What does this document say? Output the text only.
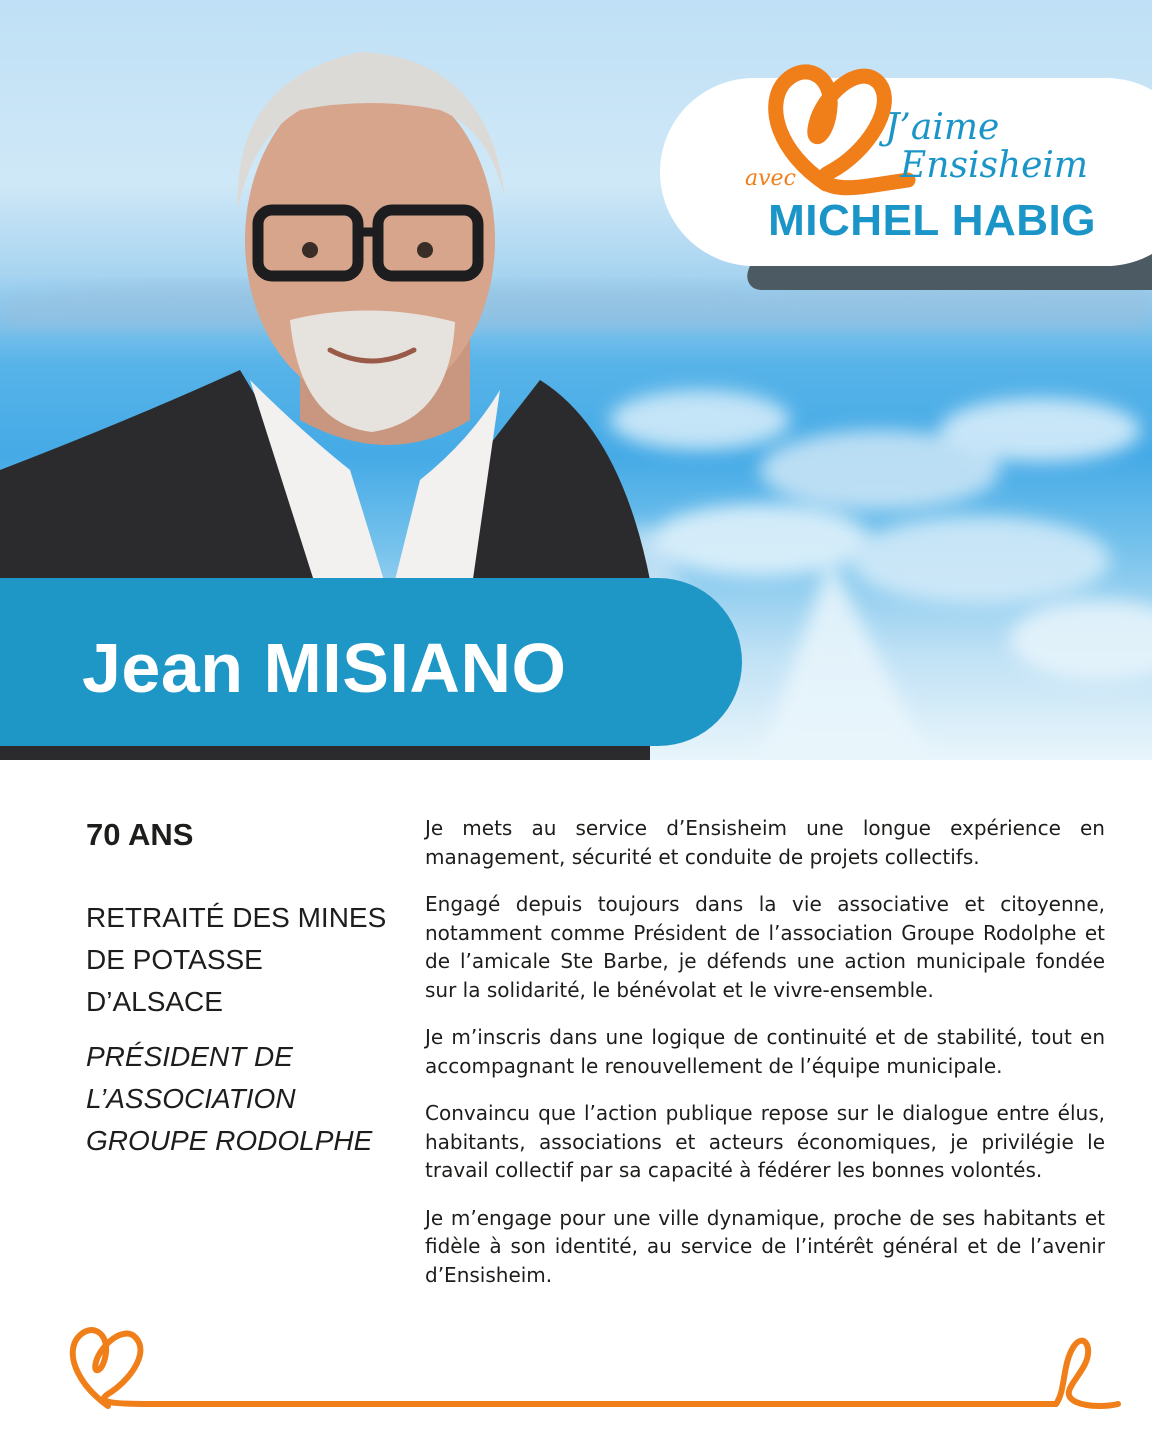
J’aime
Ensisheim
avec
MICHEL HABIG
Jean MISIANO
70 ANS
RETRAITÉ DES MINES
DE POTASSE D’ALSACE
PRÉSIDENT DE
L’ASSOCIATION
GROUPE RODOLPHE

Je mets au service d’Ensisheim une longue expérience en management, sécurité et conduite de projets collectifs.

Engagé depuis toujours dans la vie associative et citoyenne, notamment comme Président de l’association Groupe Rodolphe et de l’amicale Ste Barbe, je défends une action municipale fondée sur la solidarité, le bénévolat et le vivre-ensemble.

Je m’inscris dans une logique de continuité et de stabilité, tout en accompagnant le renouvellement de l’équipe municipale.

Convaincu que l’action publique repose sur le dialogue entre élus, habitants, associations et acteurs économiques, je privilégie le travail collectif par sa capacité à fédérer les bonnes volontés.

Je m’engage pour une ville dynamique, proche de ses habitants et fidèle à son identité, au service de l’intérêt général et de l’avenir d’Ensisheim.
